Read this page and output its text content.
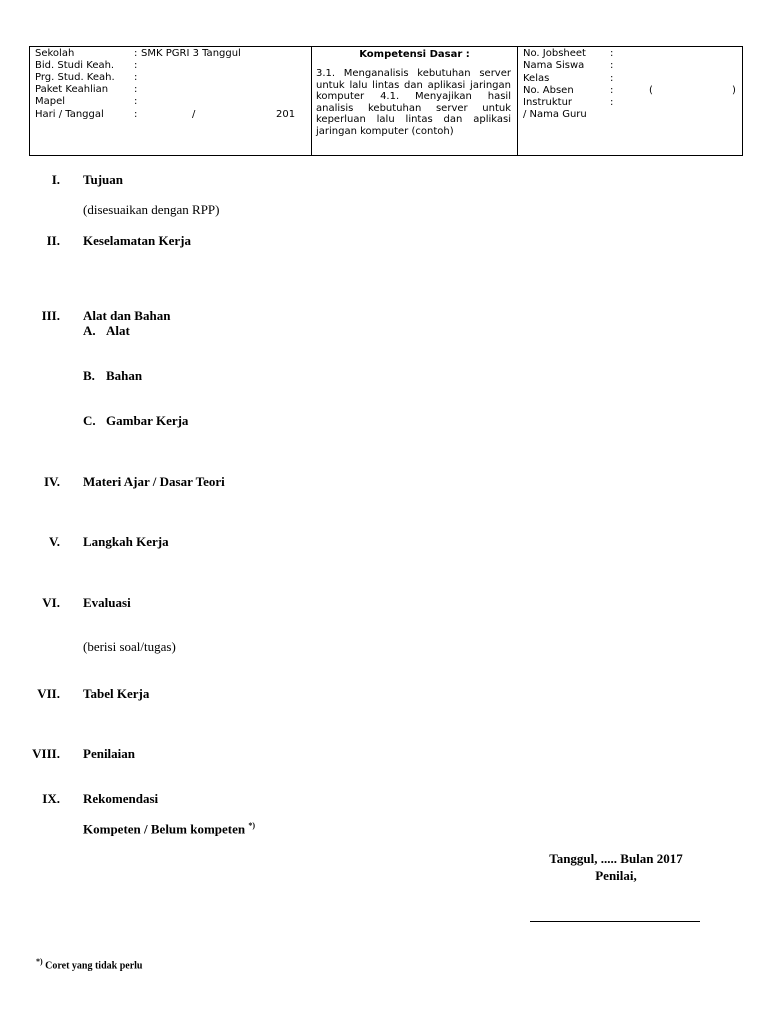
Sekolah	: SMK PGRI 3 Tanggul
Bid. Studi Keah. :
Prg. Stud. Keah. :
Paket Keahlian	:
Mapel	:
Hari / Tanggal	:	/	201
Kompetensi Dasar :
3.1. Menganalisis kebutuhan server untuk lalu lintas dan aplikasi jaringan komputer 4.1. Menyajikan hasil analisis kebutuhan server untuk keperluan lalu lintas dan aplikasi jaringan komputer (contoh)
No. Jobsheet :
Nama Siswa	:
Kelas	:
No. Absen	:	(	)
Instruktur	:
/ Nama Guru
I. Tujuan
(disesuaikan dengan RPP)
II. Keselamatan Kerja
III. Alat dan Bahan
A. Alat
B. Bahan
C. Gambar Kerja
IV. Materi Ajar / Dasar Teori
V. Langkah Kerja
VI. Evaluasi
(berisi soal/tugas)
VII. Tabel Kerja
VIII. Penilaian
IX. Rekomendasi
Kompeten / Belum kompeten *)
Tanggul, ..... Bulan 2017
Penilai,
*) Coret yang tidak perlu
